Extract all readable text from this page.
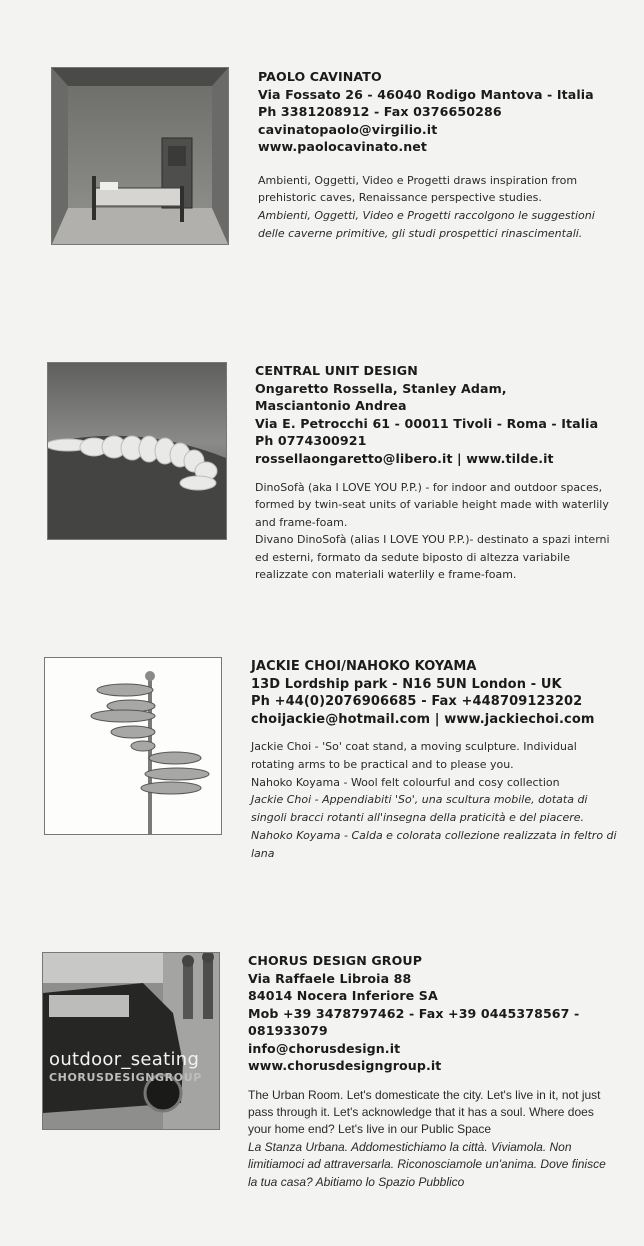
PAOLO CAVINATO
Via Fossato 26 - 46040 Rodigo Mantova - Italia
Ph 3381208912 - Fax 0376650286
cavinatopaolo@virgilio.it
www.paolocavinato.net
Ambienti, Oggetti, Video e Progetti draws inspiration from prehistoric caves, Renaissance perspective studies.
Ambienti, Oggetti, Video e Progetti raccolgono le suggestioni delle caverne primitive, gli studi prospettici rinascimentali.
CENTRAL UNIT DESIGN
Ongaretto Rossella, Stanley Adam,
Masciantonio Andrea
Via E. Petrocchi 61 - 00011 Tivoli - Roma - Italia
Ph 0774300921
rossellaongaretto@libero.it | www.tilde.it
DinoSofà (aka I LOVE YOU P.P.) - for indoor and outdoor spaces, formed by twin-seat units of variable height made with waterlily and frame-foam.
Divano DinoSofà (alias I LOVE YOU P.P.)- destinato a spazi interni ed esterni, formato da sedute biposto di altezza variabile realizzate con materiali waterlily e frame-foam.
JACKIE CHOI/NAHOKO KOYAMA
13D Lordship park - N16 5UN London - UK
Ph +44(0)2076906685 - Fax +448709123202
choijackie@hotmail.com | www.jackiechoi.com
Jackie Choi - 'So' coat stand, a moving sculpture. Individual rotating arms to be practical and to please you.
Nahoko Koyama - Wool felt colourful and cosy collection
Jackie Choi - Appendiabiti 'So', una scultura mobile, dotata di singoli bracci rotanti all'insegna della praticità e del piacere.
Nahoko Koyama - Calda e colorata collezione realizzata in feltro di lana
outdoor_seating
CHORUSDESIGNGROUP
CHORUS DESIGN GROUP
Via Raffaele Libroia 88
84014 Nocera Inferiore SA
Mob +39 3478797462 - Fax +39 0445378567 -
081933079
info@chorusdesign.it
www.chorusdesigngroup.it
The Urban Room. Let's domesticate the city. Let's live in it, not just pass through it. Let's acknowledge that it has a soul. Where does your home end? Let's live in our Public Space
La Stanza Urbana. Addomestichiamo la città. Viviamola. Non limitiamoci ad attraversarla. Riconosciamole un'anima. Dove finisce la tua casa? Abitiamo lo Spazio Pubblico
